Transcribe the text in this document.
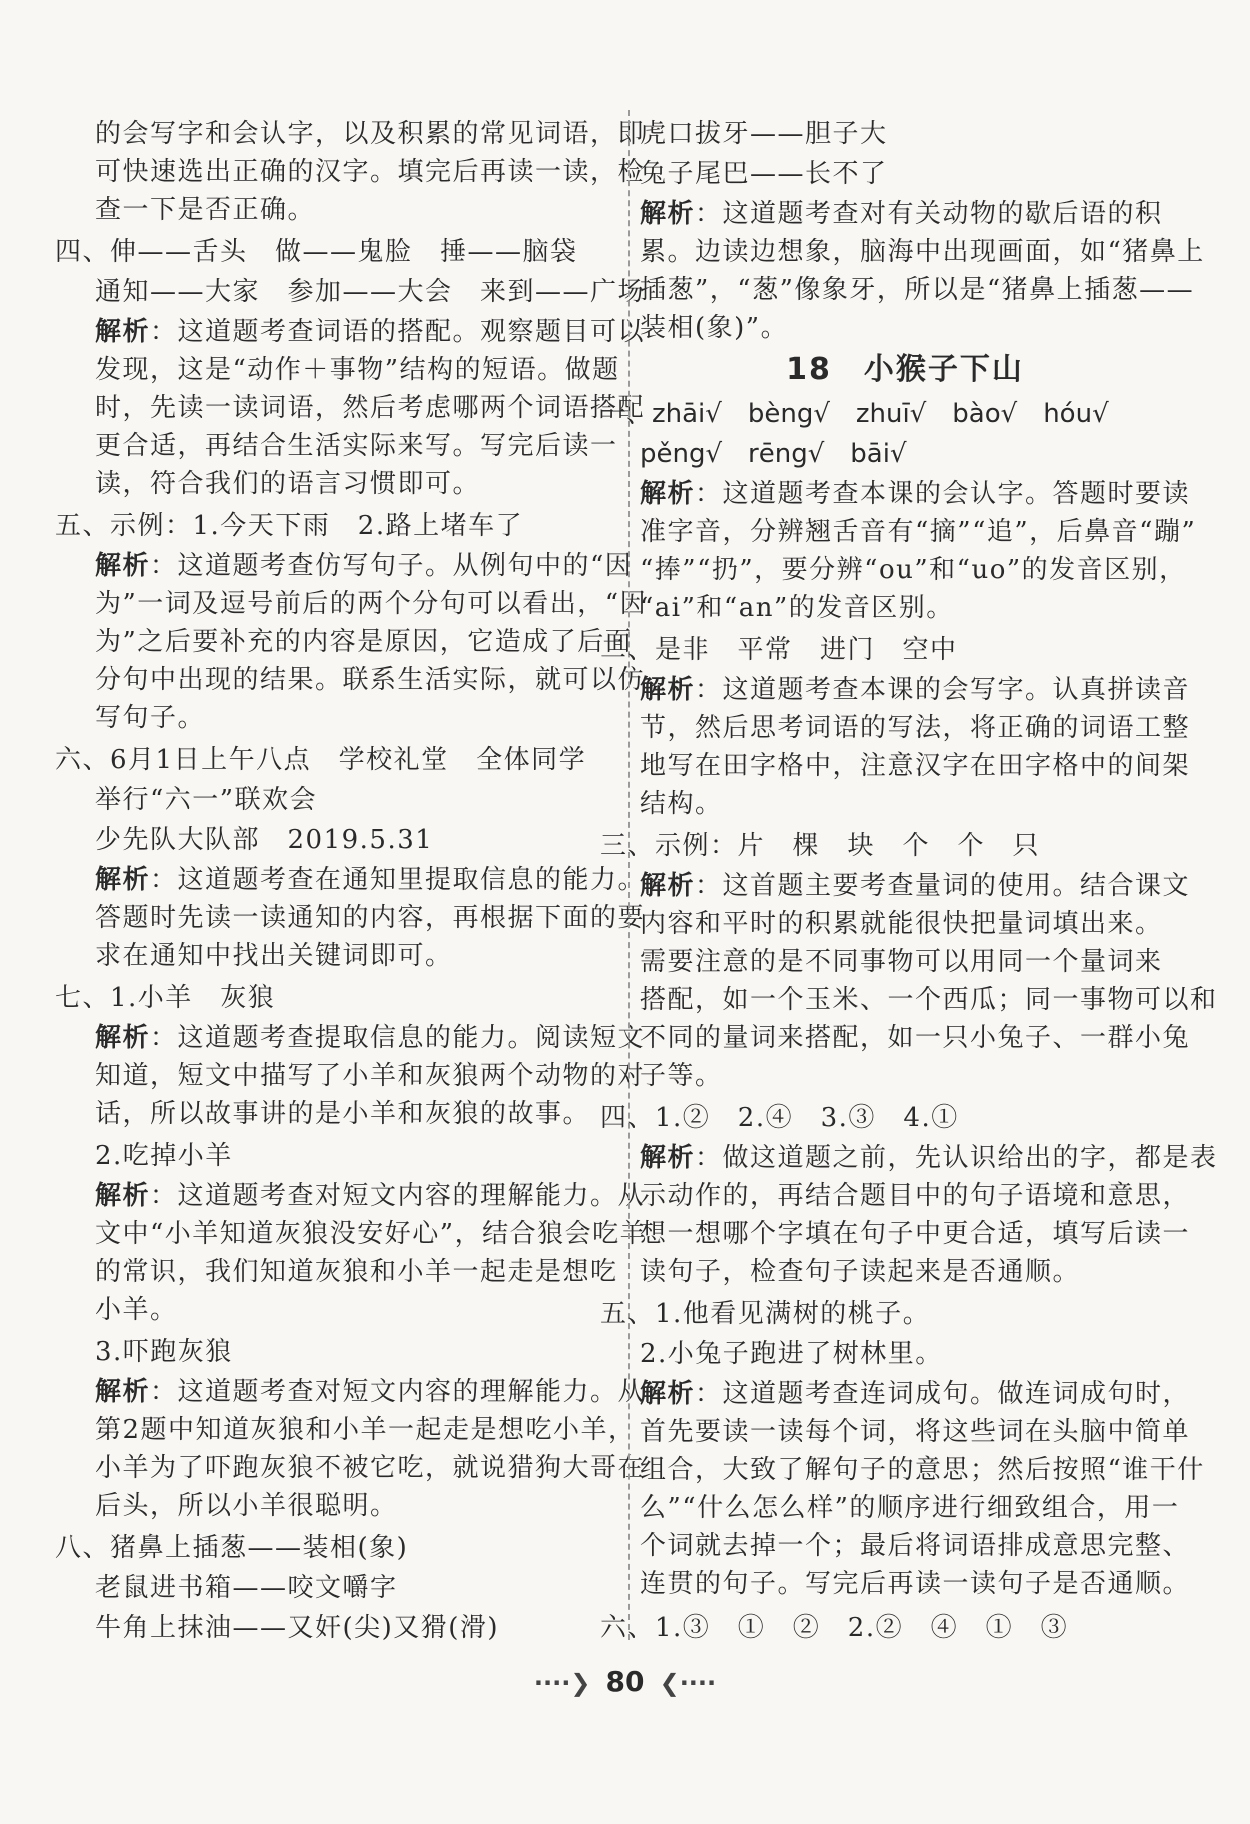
的会写字和会认字，以及积累的常见词语，即
可快速选出正确的汉字。填完后再读一读，检
查一下是否正确。
四、伸——舌头　做——鬼脸　捶——脑袋
通知——大家　参加——大会　来到——广场
解析：这道题考查词语的搭配。观察题目可以
发现，这是“动作＋事物”结构的短语。做题
时，先读一读词语，然后考虑哪两个词语搭配
更合适，再结合生活实际来写。写完后读一
读，符合我们的语言习惯即可。
五、示例：1.今天下雨　2.路上堵车了
解析：这道题考查仿写句子。从例句中的“因
为”一词及逗号前后的两个分句可以看出，“因
为”之后要补充的内容是原因，它造成了后面
分句中出现的结果。联系生活实际，就可以仿
写句子。
六、6月1日上午八点　学校礼堂　全体同学
举行“六一”联欢会
少先队大队部　2019.5.31
解析：这道题考查在通知里提取信息的能力。
答题时先读一读通知的内容，再根据下面的要
求在通知中找出关键词即可。
七、1.小羊　灰狼
解析：这道题考查提取信息的能力。阅读短文
知道，短文中描写了小羊和灰狼两个动物的对
话，所以故事讲的是小羊和灰狼的故事。
2.吃掉小羊
解析：这道题考查对短文内容的理解能力。从
文中“小羊知道灰狼没安好心”，结合狼会吃羊
的常识，我们知道灰狼和小羊一起走是想吃
小羊。
3.吓跑灰狼
解析：这道题考查对短文内容的理解能力。从
第2题中知道灰狼和小羊一起走是想吃小羊，
小羊为了吓跑灰狼不被它吃，就说猎狗大哥在
后头，所以小羊很聪明。
八、猪鼻上插葱——装相(象)
老鼠进书箱——咬文嚼字
牛角上抹油——又奸(尖)又猾(滑)
18　小猴子下山
虎口拔牙——胆子大
兔子尾巴——长不了
解析：这道题考查对有关动物的歇后语的积
累。边读边想象，脑海中出现画面，如“猪鼻上
插葱”，“葱”像象牙，所以是“猪鼻上插葱——
装相(象)”。
一、zhāi√　bèng√　zhuī√　bào√　hóu√
pěng√　rēng√　bāi√
解析：这道题考查本课的会认字。答题时要读
准字音，分辨翘舌音有“摘”“追”，后鼻音“蹦”
“捧”“扔”，要分辨“ou”和“uo”的发音区别，
“ai”和“an”的发音区别。
二、是非　平常　进门　空中
解析：这道题考查本课的会写字。认真拼读音
节，然后思考词语的写法，将正确的词语工整
地写在田字格中，注意汉字在田字格中的间架
结构。
三、示例：片　棵　块　个　个　只
解析：这首题主要考查量词的使用。结合课文
内容和平时的积累就能很快把量词填出来。
需要注意的是不同事物可以用同一个量词来
搭配，如一个玉米、一个西瓜；同一事物可以和
不同的量词来搭配，如一只小兔子、一群小兔
子等。
四、1.②　2.④　3.③　4.①
解析：做这道题之前，先认识给出的字，都是表
示动作的，再结合题目中的句子语境和意思，
想一想哪个字填在句子中更合适，填写后读一
读句子，检查句子读起来是否通顺。
五、1.他看见满树的桃子。
2.小兔子跑进了树林里。
解析：这道题考查连词成句。做连词成句时，
首先要读一读每个词，将这些词在头脑中简单
组合，大致了解句子的意思；然后按照“谁干什
么”“什么怎么样”的顺序进行细致组合，用一
个词就去掉一个；最后将词语排成意思完整、
连贯的句子。写完后再读一读句子是否通顺。
六、1.③　①　②　2.②　④　①　③
····❯ 80 ❮····
